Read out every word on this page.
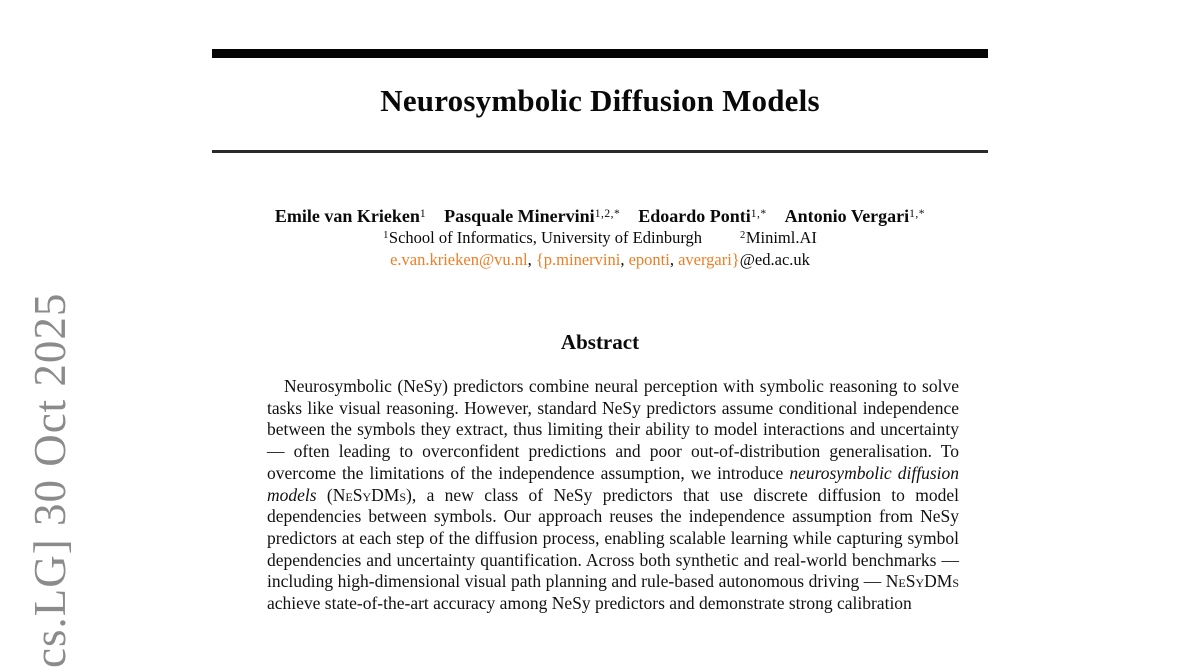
Neurosymbolic Diffusion Models
Emile van Krieken$^1$ Pasquale Minervini$^{1,2,*}$ Edoardo Ponti$^{1,*}$ Antonio Vergari$^{1,*}$
$^1$School of Informatics, University of Edinburgh	$^2$Miniml.AI
e.van.krieken@vu.nl, {p.minervini, eponti, avergari}@ed.ac.uk
Abstract
Neurosymbolic (NeSy) predictors combine neural perception with symbolic reasoning to solve tasks like visual reasoning. However, standard NeSy predictors assume conditional independence between the symbols they extract, thus limiting their ability to model interactions and uncertainty — often leading to overconfident predictions and poor out-of-distribution generalisation. To overcome the limitations of the independence assumption, we introduce neurosymbolic diffusion models (NeSyDMs), a new class of NeSy predictors that use discrete diffusion to model dependencies between symbols. Our approach reuses the independence assumption from NeSy predictors at each step of the diffusion process, enabling scalable learning while capturing symbol dependencies and uncertainty quantification. Across both synthetic and real-world benchmarks — including high-dimensional visual path planning and rule-based autonomous driving — NeSyDMs achieve state-of-the-art accuracy among NeSy predictors and demonstrate strong calibration
cs.LG] 30 Oct 2025
